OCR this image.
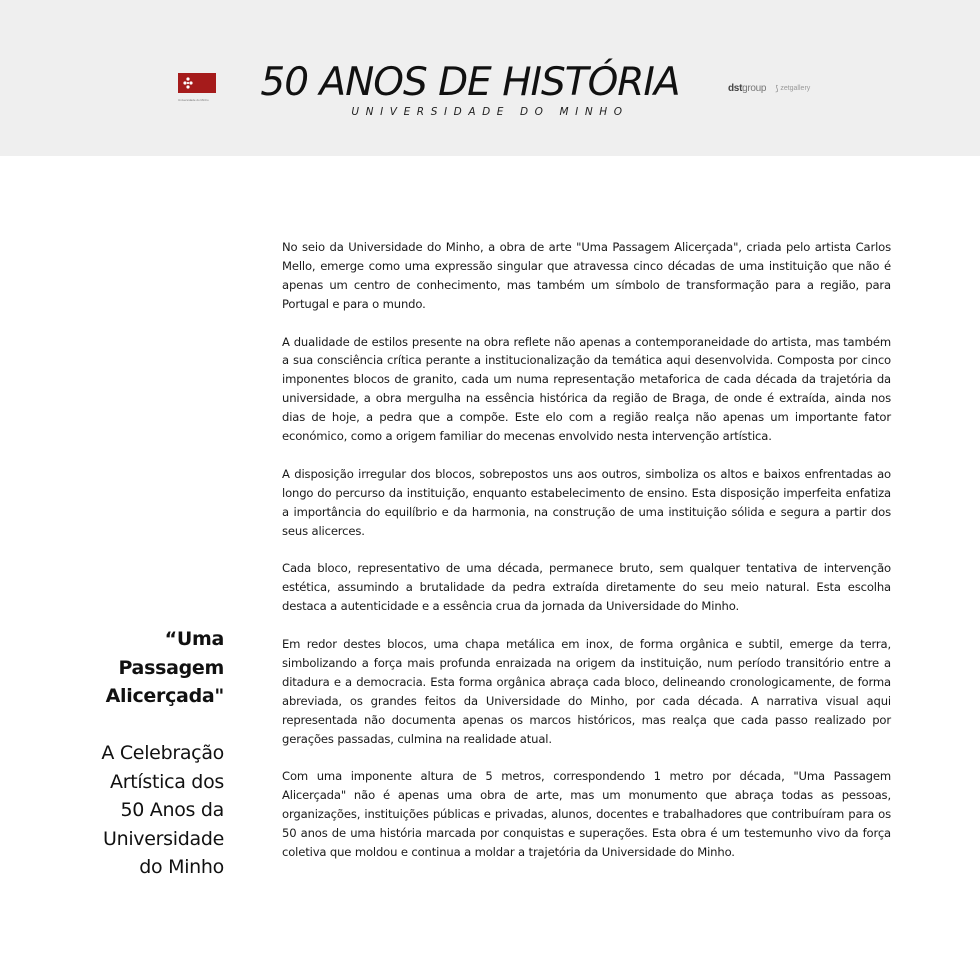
Universidade do Minho	50 ANOS DE HISTÓRIA
UNIVERSIDADE DO MINHO
dstgroup ⟆ zetgallery
“Uma
Passagem
Alicerçada"
A Celebração
Artística dos
50 Anos da
Universidade
do Minho

No seio da Universidade do Minho, a obra de arte "Uma Passagem Alicerçada", criada pelo artista Carlos Mello, emerge como uma expressão singular que atravessa cinco décadas de uma instituição que não é apenas um centro de conhecimento, mas também um símbolo de transformação para a região, para Portugal e para o mundo.

A dualidade de estilos presente na obra reflete não apenas a contemporaneidade do artista, mas também a sua consciência crítica perante a institucionalização da temática aqui desenvolvida. Composta por cinco imponentes blocos de granito, cada um numa representação metaforica de cada década da trajetória da universidade, a obra mergulha na essência histórica da região de Braga, de onde é extraída, ainda nos dias de hoje, a pedra que a compõe. Este elo com a região realça não apenas um importante fator económico, como a origem familiar do mecenas envolvido nesta intervenção artística.

A disposição irregular dos blocos, sobrepostos uns aos outros, simboliza os altos e baixos enfrentadas ao longo do percurso da instituição, enquanto estabelecimento de ensino. Esta disposição imperfeita enfatiza a importância do equilíbrio e da harmonia, na construção de uma instituição sólida e segura a partir dos seus alicerces.

Cada bloco, representativo de uma década, permanece bruto, sem qualquer tentativa de intervenção estética, assumindo a brutalidade da pedra extraída diretamente do seu meio natural. Esta escolha destaca a autenticidade e a essência crua da jornada da Universidade do Minho.

Em redor destes blocos, uma chapa metálica em inox, de forma orgânica e subtil, emerge da terra, simbolizando a força mais profunda enraizada na origem da instituição, num período transitório entre a ditadura e a democracia. Esta forma orgânica abraça cada bloco, delineando cronologicamente, de forma abreviada, os grandes feitos da Universidade do Minho, por cada década. A narrativa visual aqui representada não documenta apenas os marcos históricos, mas realça que cada passo realizado por gerações passadas, culmina na realidade atual.

Com uma imponente altura de 5 metros, correspondendo 1 metro por década, "Uma Passagem Alicerçada" não é apenas uma obra de arte, mas um monumento que abraça todas as pessoas, organizações, instituições públicas e privadas, alunos, docentes e trabalhadores que contribuíram para os 50 anos de uma história marcada por conquistas e superações. Esta obra é um testemunho vivo da força coletiva que moldou e continua a moldar a trajetória da Universidade do Minho.
